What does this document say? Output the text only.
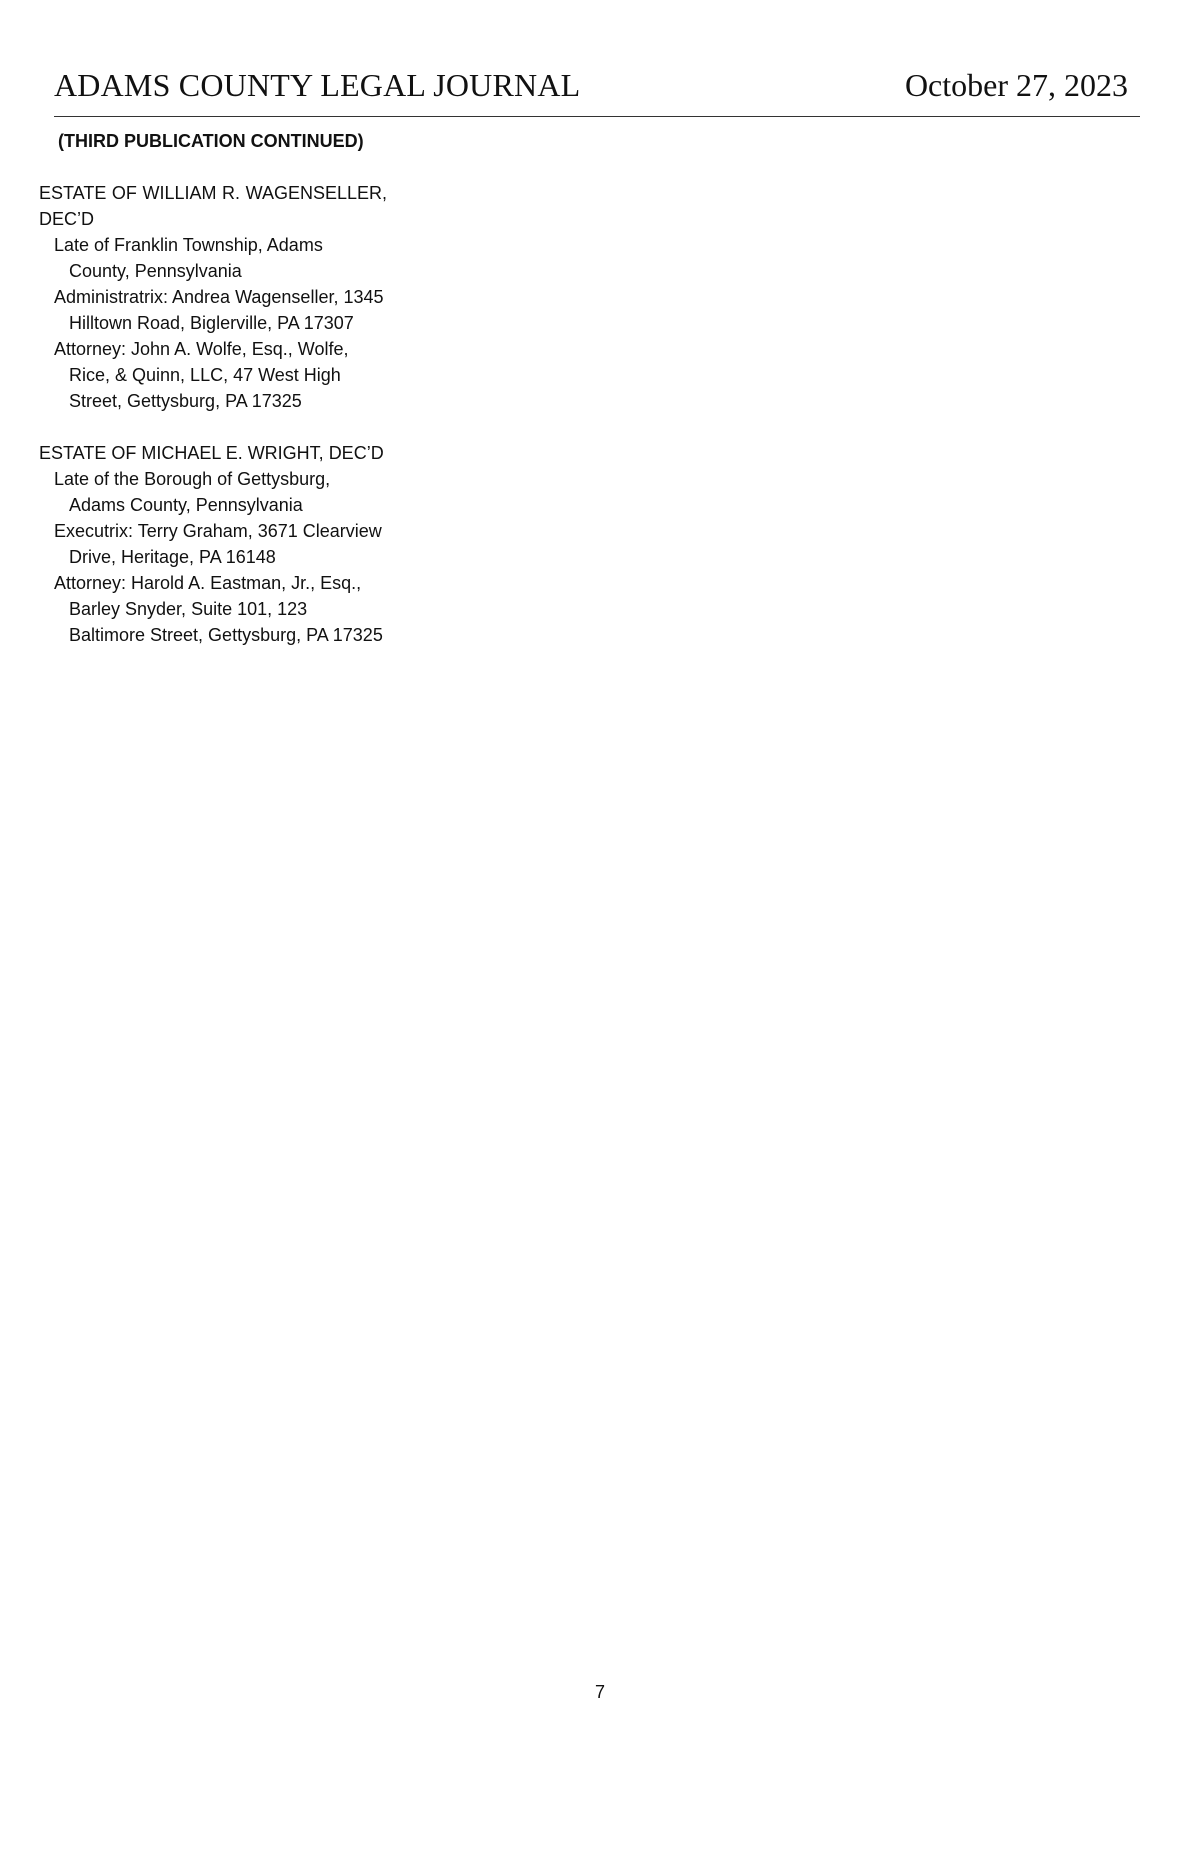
ADAMS COUNTY LEGAL JOURNAL	October 27, 2023
(THIRD PUBLICATION CONTINUED)
ESTATE OF WILLIAM R. WAGENSELLER, DEC’D
Late of Franklin Township, Adams County, Pennsylvania
Administratrix: Andrea Wagenseller, 1345 Hilltown Road, Biglerville, PA 17307
Attorney: John A. Wolfe, Esq., Wolfe, Rice, & Quinn, LLC, 47 West High Street, Gettysburg, PA 17325
ESTATE OF MICHAEL E. WRIGHT, DEC’D
Late of the Borough of Gettysburg, Adams County, Pennsylvania
Executrix: Terry Graham, 3671 Clearview Drive, Heritage, PA 16148
Attorney: Harold A. Eastman, Jr., Esq., Barley Snyder, Suite 101, 123 Baltimore Street, Gettysburg, PA 17325
7
